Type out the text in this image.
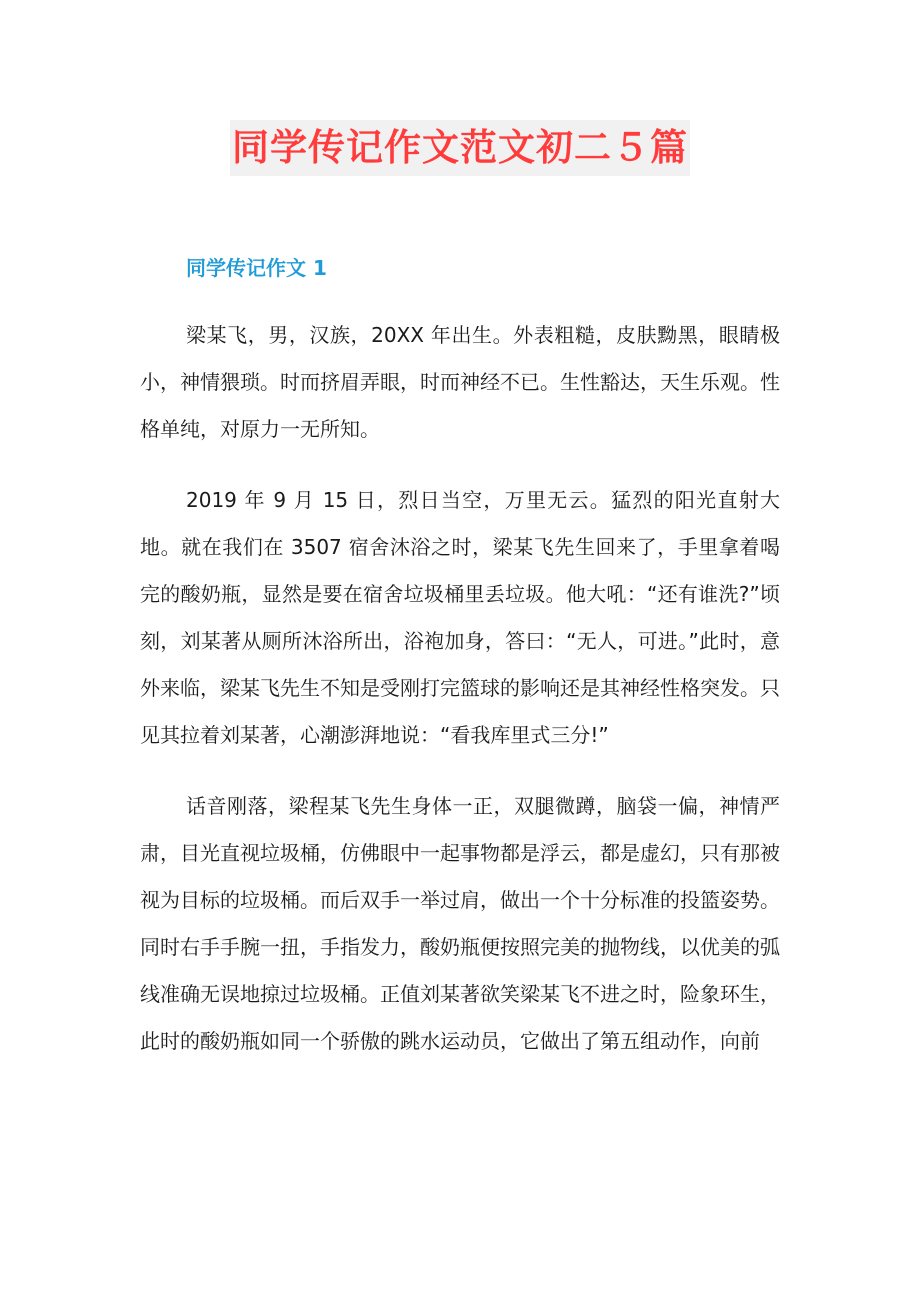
同学传记作文范文初二５篇
同学传记作文 1

梁某飞，男，汉族，20XX 年出生。外表粗糙，皮肤黝黑，眼睛极小，神情猥琐。时而挤眉弄眼，时而神经不已。生性豁达，天生乐观。性格单纯，对原力一无所知。

2019 年 9 月 15 日，烈日当空，万里无云。猛烈的阳光直射大地。就在我们在 3507 宿舍沐浴之时，梁某飞先生回来了，手里拿着喝完的酸奶瓶，显然是要在宿舍垃圾桶里丢垃圾。他大吼：“还有谁洗?”顷刻，刘某著从厕所沐浴所出，浴袍加身，答曰：“无人，可进。”此时，意外来临，梁某飞先生不知是受刚打完篮球的影响还是其神经性格突发。只见其拉着刘某著，心潮澎湃地说：“看我库里式三分!”

话音刚落，梁程某飞先生身体一正，双腿微蹲，脑袋一偏，神情严肃，目光直视垃圾桶，仿佛眼中一起事物都是浮云，都是虚幻，只有那被视为目标的垃圾桶。而后双手一举过肩，做出一个十分标准的投篮姿势。同时右手手腕一扭，手指发力，酸奶瓶便按照完美的抛物线，以优美的弧线准确无误地掠过垃圾桶。正值刘某著欲笑梁某飞不进之时，险象环生，此时的酸奶瓶如同一个骄傲的跳水运动员，它做出了第五组动作，向前
